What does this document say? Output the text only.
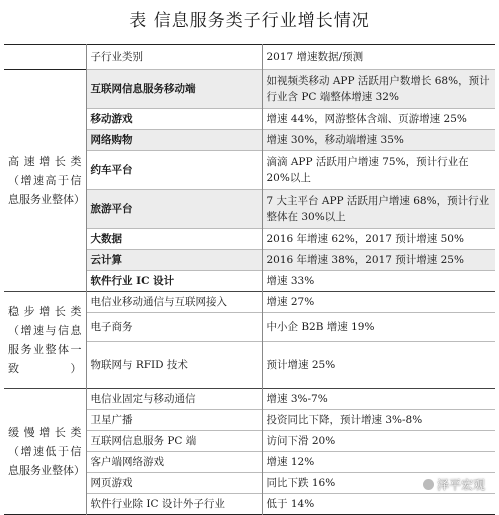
表 信息服务类子行业增长情况
	子行业类别	2017 增速数据/预测
高速增长类（增速高于信息服务业整体）	互联网信息服务移动端	如视频类移动 APP 活跃用户数增长 68%，预计行业含 PC 端整体增速 32%
	移动游戏	增速 44%，网游整体含端、页游增速 25%
	网络购物	增速 30%，移动端增速 35%
	约车平台	滴滴 APP 活跃用户增速 75%，预计行业在 20%以上
	旅游平台	7 大主平台 APP 活跃用户增速 68%，预计行业整体在 30%以上
	大数据	2016 年增速 62%，2017 预计增速 50%
	云计算	2016 年增速 38%，2017 预计增速 25%
	软件行业 IC 设计	增速 33%
稳步增长类（增速与信息服务业整体一致）	电信业移动通信与互联网接入	增速 27%
	电子商务	中小企 B2B 增速 19%
	物联网与 RFID 技术	预计增速 25%
缓慢增长类（增速低于信息服务业整体）	电信业固定与移动通信	增速 3%-7%
	卫星广播	投资同比下降，预计增速 3%-8%
	互联网信息服务 PC 端	访问下滑 20%
	客户端网络游戏	增速 12%
	网页游戏	同比下跌 16%
	软件行业除 IC 设计外子行业	低于 14%
泽平宏观
